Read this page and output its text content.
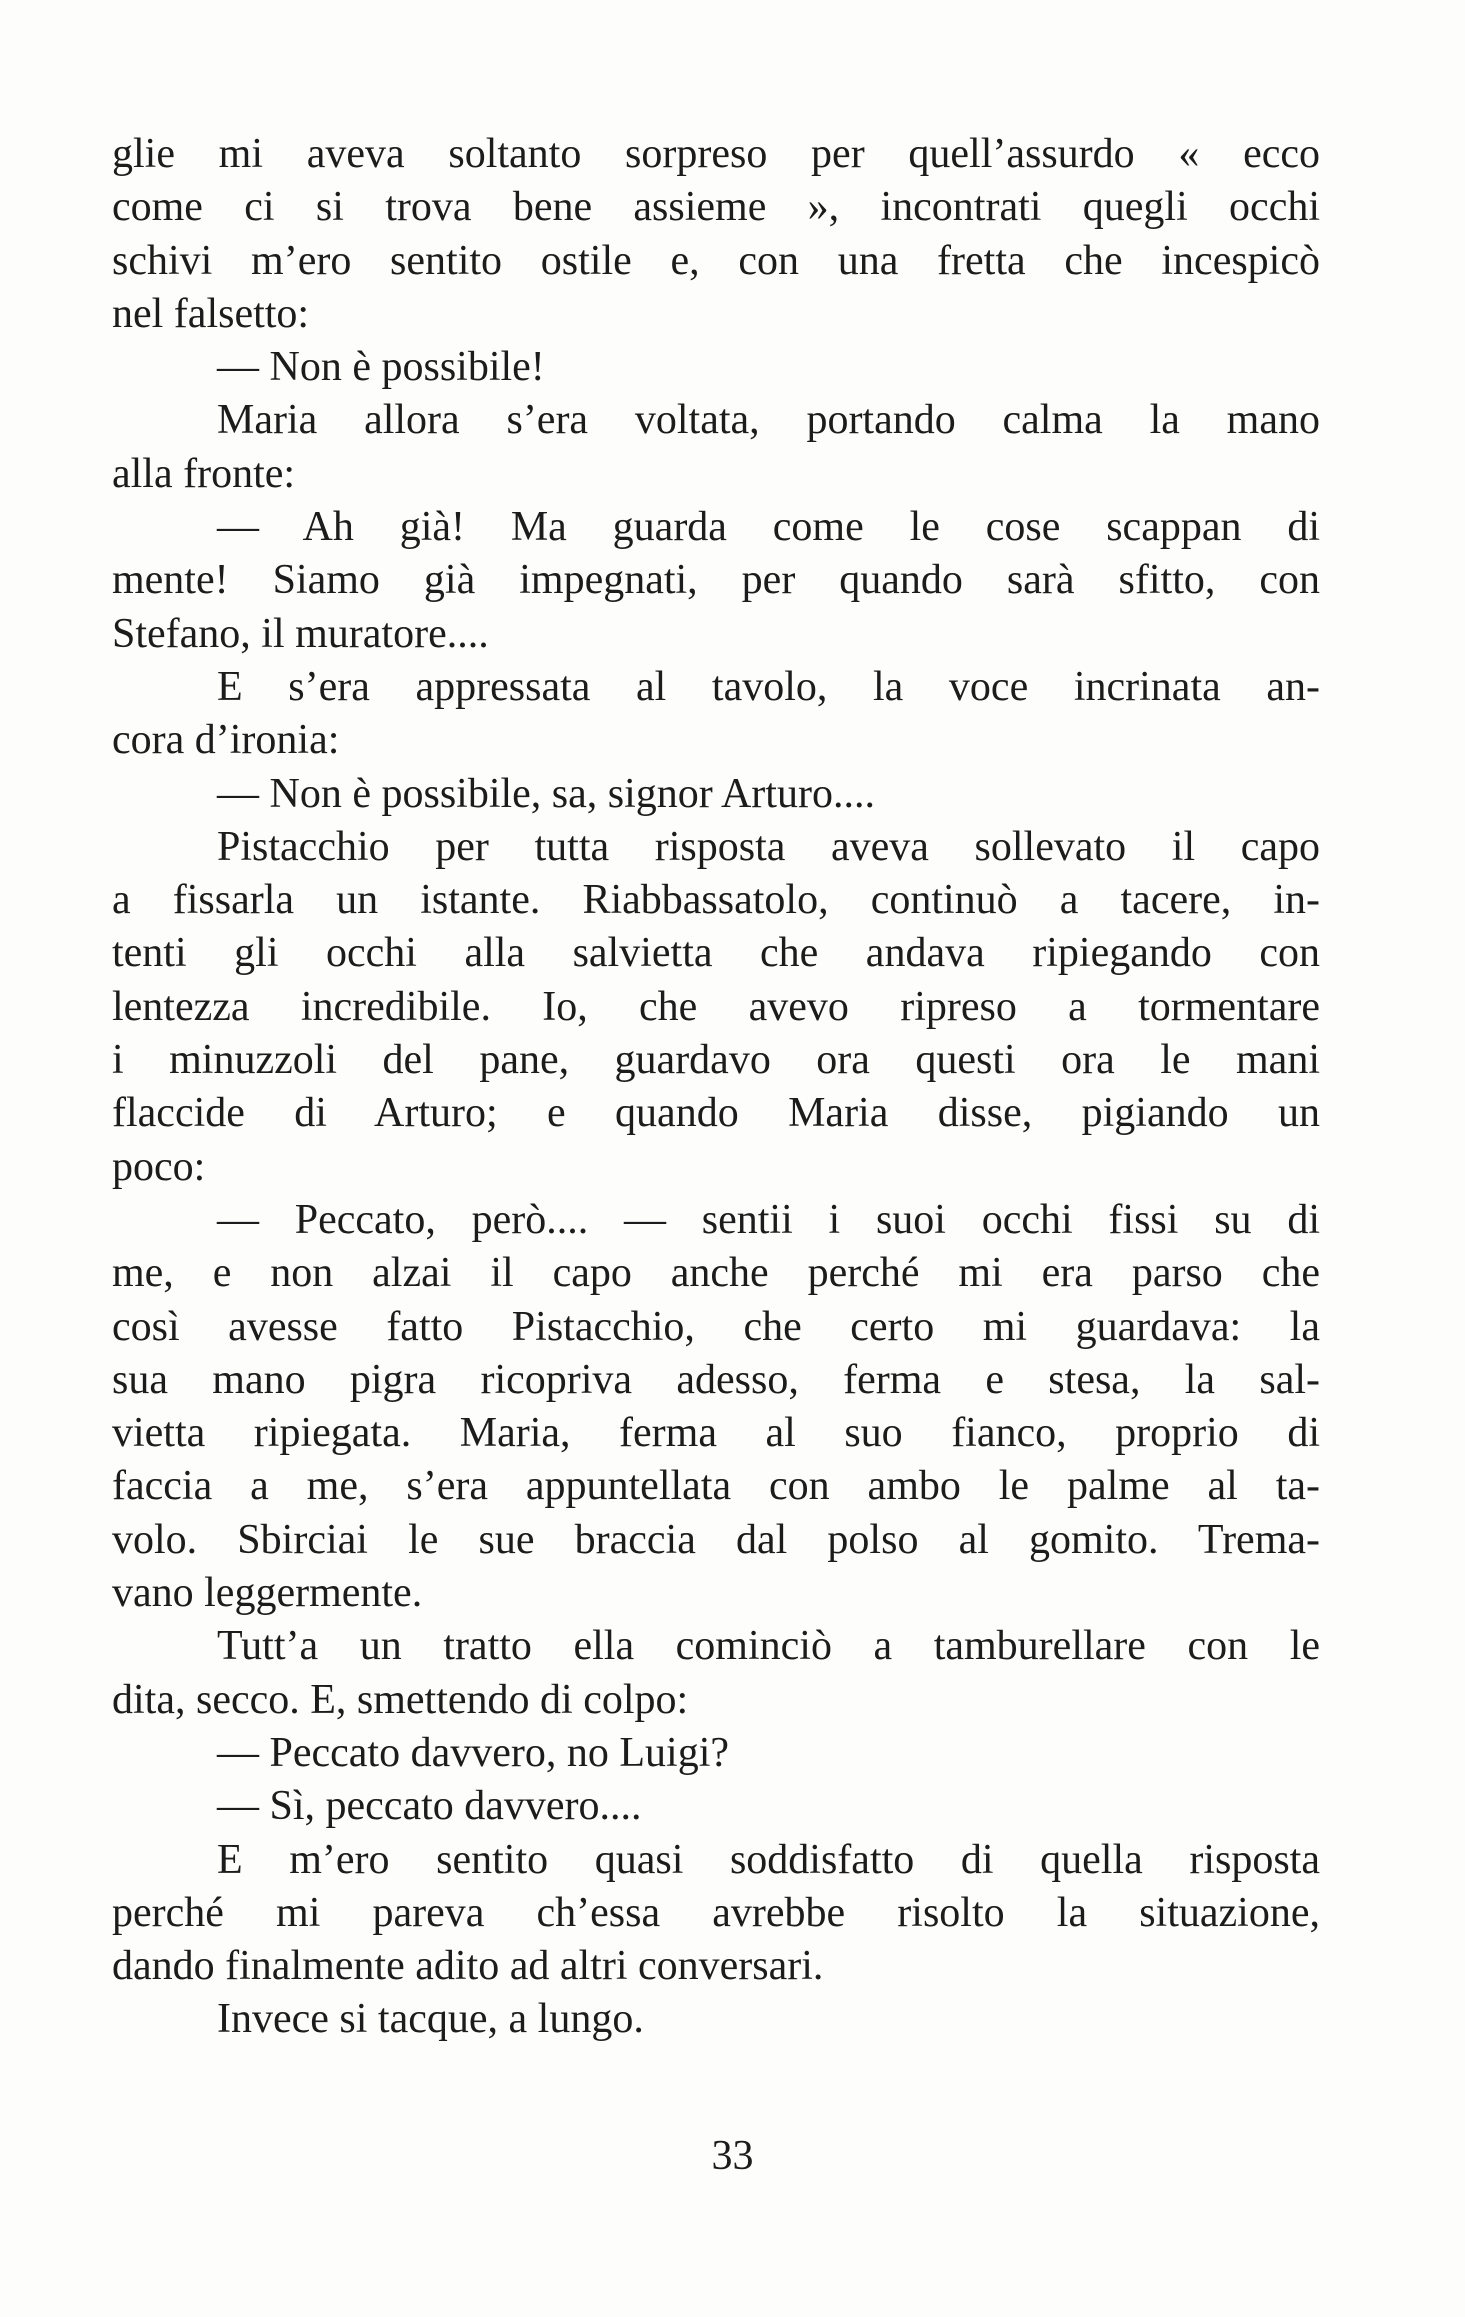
glie mi aveva soltanto sorpreso per quell’assurdo « ecco
come ci si trova bene assieme », incontrati quegli occhi
schivi m’ero sentito ostile e, con una fretta che incespicò
nel falsetto:
— Non è possibile!
Maria allora s’era voltata, portando calma la mano
alla fronte:
— Ah già! Ma guarda come le cose scappan di
mente! Siamo già impegnati, per quando sarà sfitto, con
Stefano, il muratore....
E s’era appressata al tavolo, la voce incrinata an-
cora d’ironia:
— Non è possibile, sa, signor Arturo....
Pistacchio per tutta risposta aveva sollevato il capo
a fissarla un istante. Riabbassatolo, continuò a tacere, in-
tenti gli occhi alla salvietta che andava ripiegando con
lentezza incredibile. Io, che avevo ripreso a tormentare
i minuzzoli del pane, guardavo ora questi ora le mani
flaccide di Arturo; e quando Maria disse, pigiando un
poco:
— Peccato, però.... — sentii i suoi occhi fissi su di
me, e non alzai il capo anche perché mi era parso che
così avesse fatto Pistacchio, che certo mi guardava: la
sua mano pigra ricopriva adesso, ferma e stesa, la sal-
vietta ripiegata. Maria, ferma al suo fianco, proprio di
faccia a me, s’era appuntellata con ambo le palme al ta-
volo. Sbirciai le sue braccia dal polso al gomito. Trema-
vano leggermente.
Tutt’a un tratto ella cominciò a tamburellare con le
dita, secco. E, smettendo di colpo:
— Peccato davvero, no Luigi?
— Sì, peccato davvero....
E m’ero sentito quasi soddisfatto di quella risposta
perché mi pareva ch’essa avrebbe risolto la situazione,
dando finalmente adito ad altri conversari.
Invece si tacque, a lungo.
33
